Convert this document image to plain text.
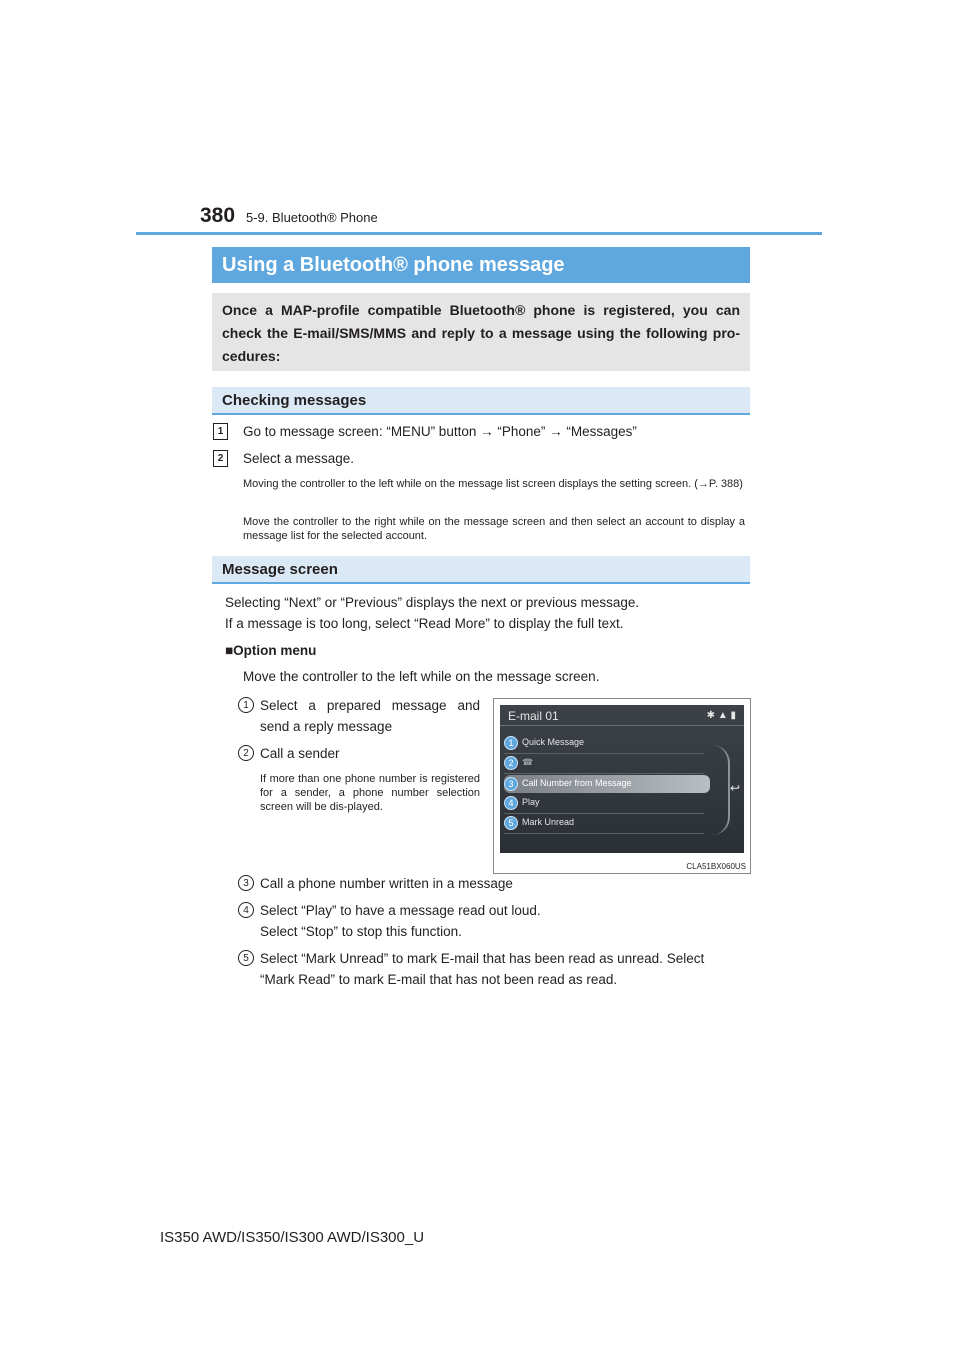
380 5-9. Bluetooth® Phone
Using a Bluetooth® phone message
Once a MAP-profile compatible Bluetooth® phone is registered, you can check the E-mail/SMS/MMS and reply to a message using the following pro-cedures:
Checking messages
1	Go to message screen: “MENU” button → “Phone” → “Messages”
2	Select a message.
Moving the controller to the left while on the message list screen displays the setting screen. (→P. 388)
Move the controller to the right while on the message screen and then select an account to display a message list for the selected account.
Message screen
Selecting “Next” or “Previous” displays the next or previous message.
If a message is too long, select “Read More” to display the full text.
■Option menu
Move the controller to the left while on the message screen.
1 Select a prepared message and send a reply message
2 Call a sender
If more than one phone number is registered for a sender, a phone number selection screen will be dis-played.
E-mail 01	✱ ▲ ▮
1 Quick Message
2 ☎
3 Call Number from Message
4 Play
5 Mark Unread
↩
CLA51BX060US
3 Call a phone number written in a message
4 Select “Play” to have a message read out loud.
Select “Stop” to stop this function.
5 Select “Mark Unread” to mark E-mail that has been read as unread. Select
“Mark Read” to mark E-mail that has not been read as read.
IS350 AWD/IS350/IS300 AWD/IS300_U
